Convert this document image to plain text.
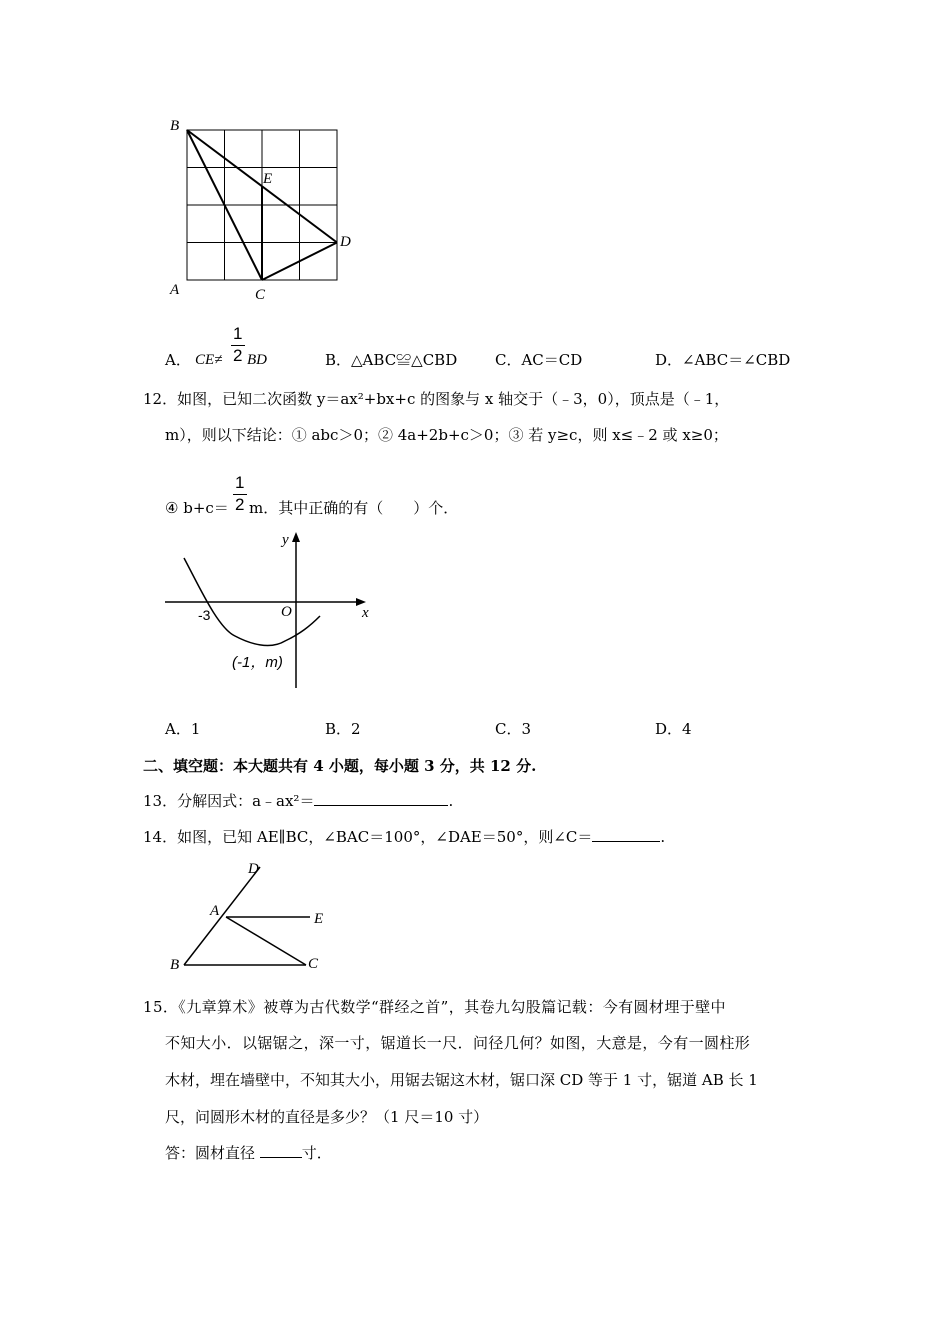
B
E
D
A	C
A． CE≠
1
2 BD	B．△ABC≌△CBD	C．AC＝CD	D．∠ABC＝∠CBD
12．如图，已知二次函数 y＝ax²+bx+c 的图象与 x 轴交于（﹣3，0），顶点是（﹣1，
m），则以下结论：① abc＞0；② 4a+2b+c＞0；③ 若 y≥c，则 x≤﹣2 或 x≥0；
④ b+c＝
1
2 m．其中正确的有（　　）个．
y
x
O
-3
(-1，m)
A．1	B．2	C．3	D．4
二、填空题：本大题共有 4 小题，每小题 3 分，共 12 分.
13．分解因式：a﹣ax²＝	.
14．如图，已知 AE∥BC，∠BAC＝100°，∠DAE＝50°，则∠C＝	.
D
A	E
B	C
15．《九章算术》被尊为古代数学“群经之首”，其卷九勾股篇记载：今有圆材埋于壁中
不知大小．以锯锯之，深一寸，锯道长一尺．问径几何？如图，大意是，今有一圆柱形
木材，埋在墙壁中，不知其大小，用锯去锯这木材，锯口深 CD 等于 1 寸，锯道 AB 长 1
尺，问圆形木材的直径是多少？（1 尺＝10 寸）
答：圆材直径	寸．
